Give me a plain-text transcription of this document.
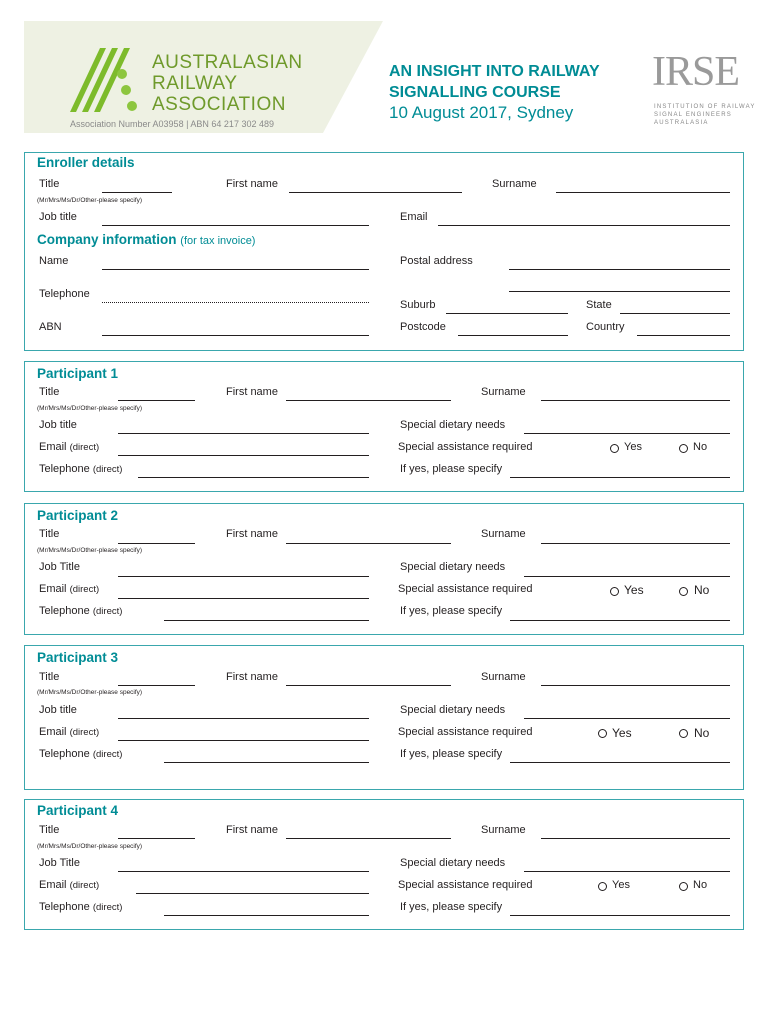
AUSTRALASIAN
RAILWAY
ASSOCIATION
Association Number A03958 | ABN 64 217 302 489
AN INSIGHT INTO RAILWAY
SIGNALLING COURSE
10 August 2017, Sydney
IRSE
INSTITUTION OF RAILWAY
SIGNAL ENGINEERS
AUSTRALASIA
Enroller details
Title
(Mr/Mrs/Ms/Dr/Other-please specify)
First name	Surname
Job title	Email
Company information (for tax invoice)
Name	Postal address
Telephone
Suburb	State
ABN	Postcode	Country
Participant 1
Title
(Mr/Mrs/Ms/Dr/Other-please specify)
First name	Surname
Job title	Special dietary needs
Email (direct)	Special assistance required	Yes	No
Telephone (direct)	If yes, please specify
Participant 2
Title
(Mr/Mrs/Ms/Dr/Other-please specify)
First name	Surname
Job Title	Special dietary needs
Email (direct)	Special assistance required	Yes	No
Telephone (direct)	If yes, please specify
Participant 3
Title
(Mr/Mrs/Ms/Dr/Other-please specify)
First name	Surname
Job title	Special dietary needs
Email (direct)	Special assistance required	Yes	No
Telephone (direct)	If yes, please specify
Participant 4
Title
(Mr/Mrs/Ms/Dr/Other-please specify)
First name	Surname
Job Title	Special dietary needs
Email (direct)	Special assistance required	Yes	No
Telephone (direct)	If yes, please specify
